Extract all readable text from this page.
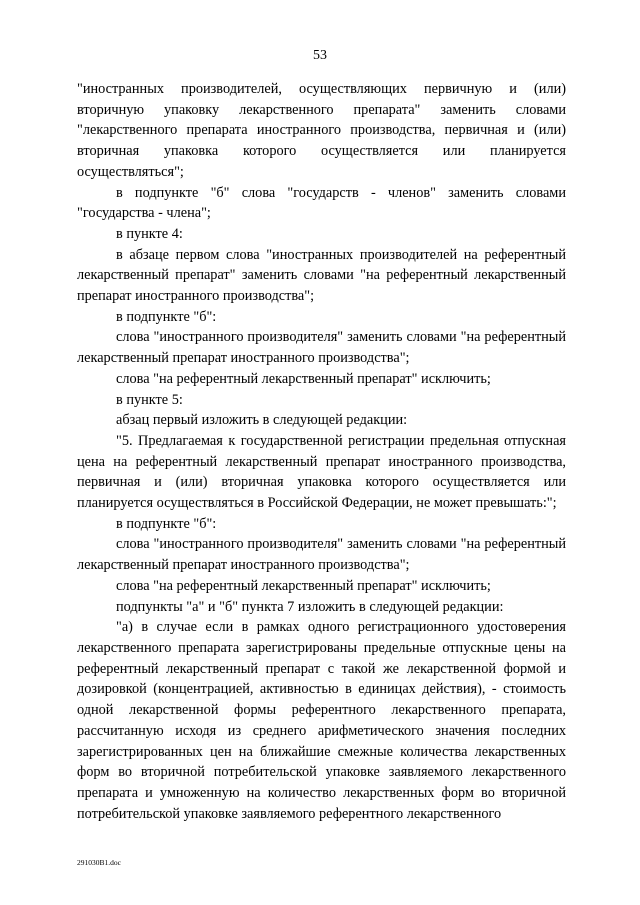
53

"иностранных производителей, осуществляющих первичную и (или) вторичную упаковку лекарственного препарата" заменить словами "лекарственного препарата иностранного производства, первичная и (или) вторичная упаковка которого осуществляется или планируется осуществляться";

в подпункте "б" слова "государств - членов" заменить словами "государства - члена";

в пункте 4:

в абзаце первом слова "иностранных производителей на референтный лекарственный препарат" заменить словами "на референтный лекарственный препарат иностранного производства";

в подпункте "б":

слова "иностранного производителя" заменить словами "на референтный лекарственный препарат иностранного производства";

слова "на референтный лекарственный препарат" исключить;

в пункте 5:

абзац первый изложить в следующей редакции:

"5. Предлагаемая к государственной регистрации предельная отпускная цена на референтный лекарственный препарат иностранного производства, первичная и (или) вторичная упаковка которого осуществляется или планируется осуществляться в Российской Федерации, не может превышать:";

в подпункте "б":

слова "иностранного производителя" заменить словами "на референтный лекарственный препарат иностранного производства";

слова "на референтный лекарственный препарат" исключить;

подпункты "а" и "б" пункта 7 изложить в следующей редакции:

"а) в случае если в рамках одного регистрационного удостоверения лекарственного препарата зарегистрированы предельные отпускные цены на референтный лекарственный препарат с такой же лекарственной формой и дозировкой (концентрацией, активностью в единицах действия), - стоимость одной лекарственной формы референтного лекарственного препарата, рассчитанную исходя из среднего арифметического значения последних зарегистрированных цен на ближайшие смежные количества лекарственных форм во вторичной потребительской упаковке заявляемого лекарственного препарата и умноженную на количество лекарственных форм во вторичной потребительской упаковке заявляемого референтного лекарственного

291030B1.doc
